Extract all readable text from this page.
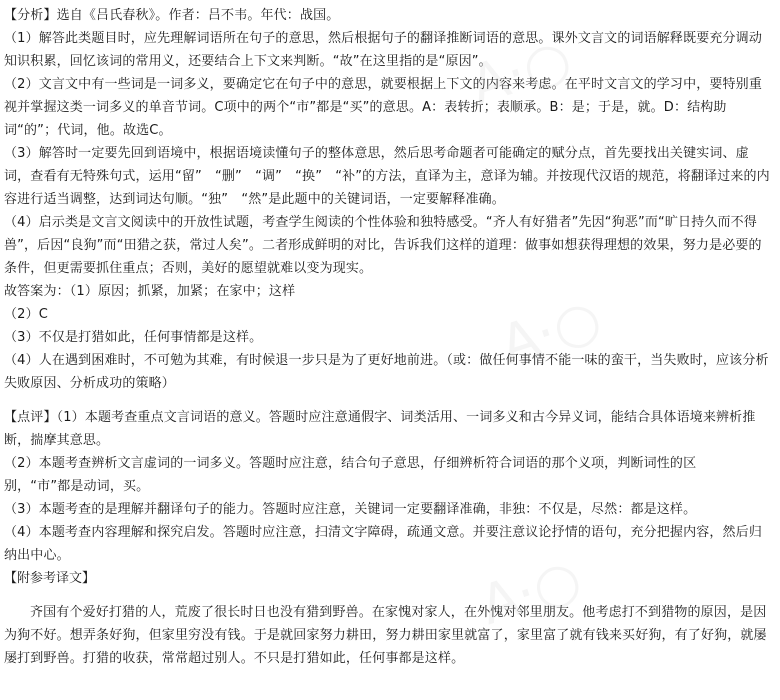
A·○
A·○
A·○

【分析】选自《吕氏春秋》。作者：吕不韦。年代：战国。

（1）解答此类题目时，应先理解词语所在句子的意思，然后根据句子的翻译推断词语的意思。课外文言文的词语解释既要充分调动知识积累，回忆该词的常用义，还要结合上下文来判断。“故”在这里指的是“原因”。

（2）文言文中有一些词是一词多义，要确定它在句子中的意思，就要根据上下文的内容来考虑。在平时文言文的学习中，要特别重视并掌握这类一词多义的单音节词。C项中的两个“市”都是“买”的意思。A：表转折；表顺承。B：是；于是，就。D：结构助词“的”；代词，他。故选C。

（3）解答时一定要先回到语境中，根据语境读懂句子的整体意思，然后思考命题者可能确定的赋分点，首先要找出关键实词、虚词，查看有无特殊句式，运用“留”　“删”　“调”　“换”　“补”的方法，直译为主，意译为辅。并按现代汉语的规范，将翻译过来的内容进行适当调整，达到词达句顺。“独”　“然”是此题中的关键词语，一定要解释准确。

（4）启示类是文言文阅读中的开放性试题，考查学生阅读的个性体验和独特感受。“齐人有好猎者”先因“狗恶”而“旷日持久而不得兽”，后因“良狗”而“田猎之获，常过人矣”。二者形成鲜明的对比，告诉我们这样的道理：做事如想获得理想的效果，努力是必要的条件，但更需要抓住重点；否则，美好的愿望就难以变为现实。

故答案为：（1）原因；抓紧，加紧；在家中；这样

（2）C

（3）不仅是打猎如此，任何事情都是这样。

（4）人在遇到困难时，不可勉为其难，有时候退一步只是为了更好地前进。（或：做任何事情不能一味的蛮干，当失败时，应该分析失败原因、分析成功的策略）

【点评】（1）本题考查重点文言词语的意义。答题时应注意通假字、词类活用、一词多义和古今异义词，能结合具体语境来辨析推断，揣摩其意思。

（2）本题考查辨析文言虚词的一词多义。答题时应注意，结合句子意思，仔细辨析符合词语的那个义项，判断词性的区

别，“市”都是动词，买。

（3）本题考查的是理解并翻译句子的能力。答题时应注意，关键词一定要翻译准确，非独：不仅是，尽然：都是这样。

（4）本题考查内容理解和探究启发。答题时应注意，扫清文字障碍，疏通文意。并要注意议论抒情的语句，充分把握内容，然后归纳出中心。

【附参考译文】

齐国有个爱好打猎的人，荒废了很长时日也没有猎到野兽。在家愧对家人，在外愧对邻里朋友。他考虑打不到猎物的原因，是因为狗不好。想弄条好狗，但家里穷没有钱。于是就回家努力耕田，努力耕田家里就富了，家里富了就有钱来买好狗，有了好狗，就屡屡打到野兽。打猎的收获，常常超过别人。不只是打猎如此，任何事都是这样。
